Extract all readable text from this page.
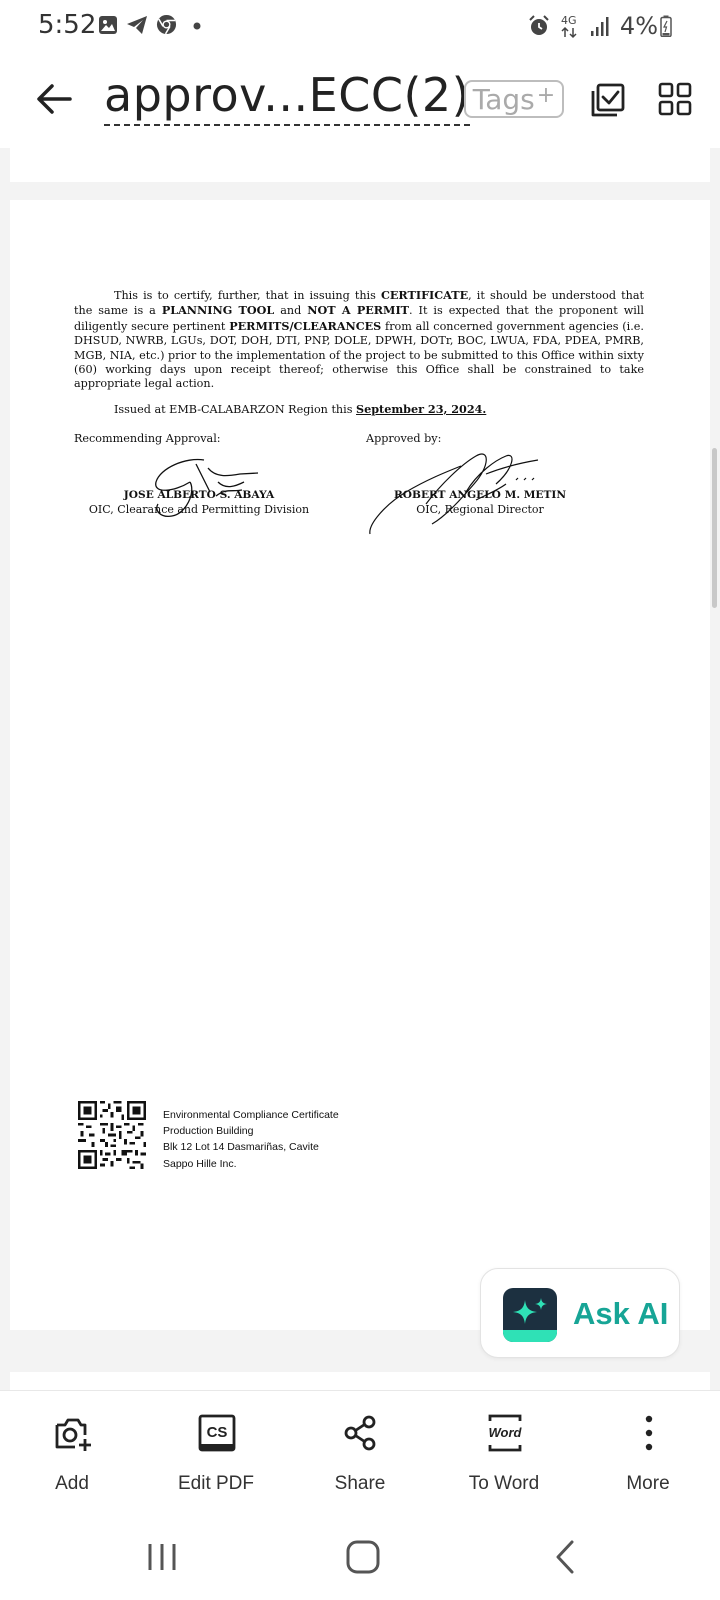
5:52	4G 4%
approv...ECC(2) Tags+

This is to certify, further, that in issuing this CERTIFICATE, it should be understood that the same is a PLANNING TOOL and NOT A PERMIT. It is expected that the proponent will diligently secure pertinent PERMITS/CLEARANCES from all concerned government agencies (i.e. DHSUD, NWRB, LGUs, DOT, DOH, DTI, PNP, DOLE, DPWH, DOTr, BOC, LWUA, FDA, PDEA, PMRB, MGB, NIA, etc.) prior to the implementation of the project to be submitted to this Office within sixty (60) working days upon receipt thereof; otherwise this Office shall be constrained to take appropriate legal action.

Issued at EMB-CALABARZON Region this September 23, 2024.
Recommending Approval:	Approved by:
JOSE ALBERTO S. ABAYA
OIC, Clearance and Permitting Division
ROBERT ANGELO M. METIN
OIC, Regional Director
Environmental Compliance Certificate
Production Building
Blk 12 Lot 14 Dasmariñas, Cavite
Sappo Hille Inc.
Ask AI
Add
CS
Edit PDF	Share
Word
To Word	More
